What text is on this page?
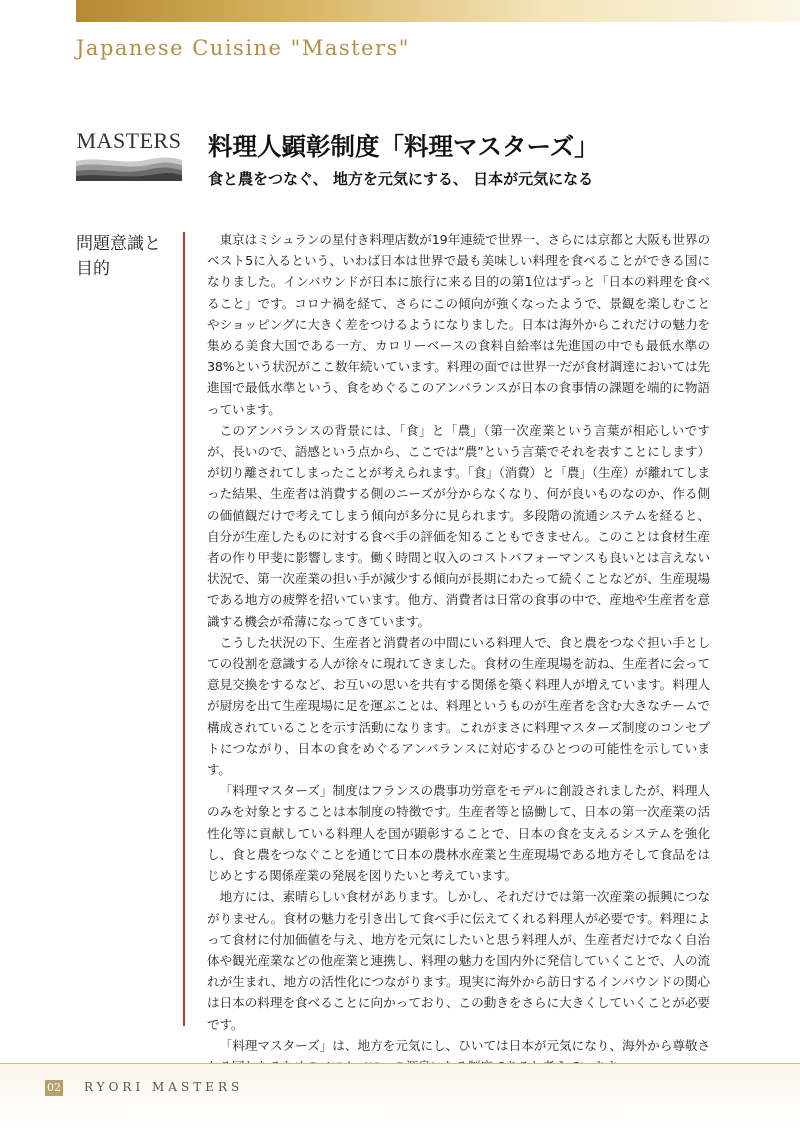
Japanese Cuisine "Masters"
MASTERS 料理人顕彰制度「料理マスターズ」
食と農をつなぐ、 地方を元気にする、 日本が元気になる
問題意識と目的

東京はミシュランの星付き料理店数が19年連続で世界一、さらには京都と大阪も世界のベスト5に入るという、いわば日本は世界で最も美味しい料理を食べることができる国になりました。インバウンドが日本に旅行に来る目的の第1位はずっと「日本の料理を食べること」です。コロナ禍を経て、さらにこの傾向が強くなったようで、景観を楽しむことやショッピングに大きく差をつけるようになりました。日本は海外からこれだけの魅力を集める美食大国である一方、カロリーベースの食料自給率は先進国の中でも最低水準の38%という状況がここ数年続いています。料理の面では世界一だが食材調達においては先進国で最低水準という、食をめぐるこのアンバランスが日本の食事情の課題を端的に物語っています。

このアンバランスの背景には、「食」と「農」（第一次産業という言葉が相応しいですが、長いので、語感という点から、ここでは“農”という言葉でそれを表すことにします）が切り離されてしまったことが考えられます。「食」（消費）と「農」（生産）が離れてしまった結果、生産者は消費する側のニーズが分からなくなり、何が良いものなのか、作る側の価値観だけで考えてしまう傾向が多分に見られます。多段階の流通システムを経ると、自分が生産したものに対する食べ手の評価を知ることもできません。このことは食材生産者の作り甲斐に影響します。働く時間と収入のコストパフォーマンスも良いとは言えない状況で、第一次産業の担い手が減少する傾向が長期にわたって続くことなどが、生産現場である地方の疲弊を招いています。他方、消費者は日常の食事の中で、産地や生産者を意識する機会が希薄になってきています。

こうした状況の下、生産者と消費者の中間にいる料理人で、食と農をつなぐ担い手としての役割を意識する人が徐々に現れてきました。食材の生産現場を訪ね、生産者に会って意見交換をするなど、お互いの思いを共有する関係を築く料理人が増えています。料理人が厨房を出て生産現場に足を運ぶことは、料理というものが生産者を含む大きなチームで構成されていることを示す活動になります。これがまさに料理マスターズ制度のコンセプトにつながり、日本の食をめぐるアンバランスに対応するひとつの可能性を示しています。

「料理マスターズ」制度はフランスの農事功労章をモデルに創設されましたが、料理人のみを対象とすることは本制度の特徴です。生産者等と協働して、日本の第一次産業の活性化等に貢献している料理人を国が顕彰することで、日本の食を支えるシステムを強化し、食と農をつなぐことを通じて日本の農林水産業と生産現場である地方そして食品をはじめとする関係産業の発展を図りたいと考えています。

地方には、素晴らしい食材があります。しかし、それだけでは第一次産業の振興につながりません。食材の魅力を引き出して食べ手に伝えてくれる料理人が必要です。料理によって食材に付加価値を与え、地方を元気にしたいと思う料理人が、生産者だけでなく自治体や観光産業などの他産業と連携し、料理の魅力を国内外に発信していくことで、人の流れが生まれ、地方の活性化につながります。現実に海外から訪日するインバウンドの関心は日本の料理を食べることに向かっており、この動きをさらに大きくしていくことが必要です。

「料理マスターズ」は、地方を元気にし、ひいては日本が元気になり、海外から尊敬さ

02 RYORI MASTERS
